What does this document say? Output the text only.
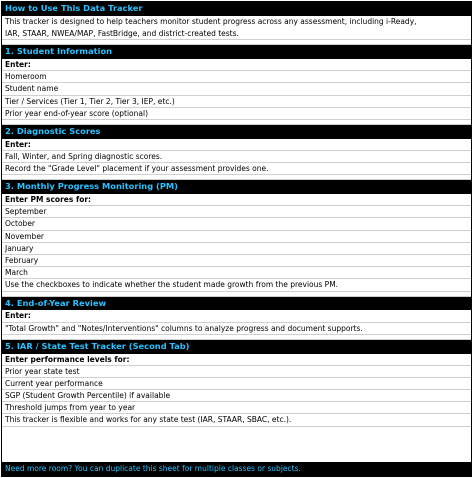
How to Use This Data Tracker
This tracker is designed to help teachers monitor student progress across any assessment, including i-Ready,
IAR, STAAR, NWEA/MAP, FastBridge, and district-created tests.
1. Student Information
Enter:
Homeroom
Student name
Tier / Services (Tier 1, Tier 2, Tier 3, IEP, etc.)
Prior year end-of-year score (optional)
2. Diagnostic Scores
Enter:
Fall, Winter, and Spring diagnostic scores.
Record the "Grade Level" placement if your assessment provides one.
3. Monthly Progress Monitoring (PM)
Enter PM scores for:
September
October
November
January
February
March
Use the checkboxes to indicate whether the student made growth from the previous PM.
4. End-of-Year Review
Enter:
"Total Growth" and "Notes/Interventions" columns to analyze progress and document supports.
5. IAR / State Test Tracker (Second Tab)
Enter performance levels for:
Prior year state test
Current year performance
SGP (Student Growth Percentile) if available
Threshold jumps from year to year
This tracker is flexible and works for any state test (IAR, STAAR, SBAC, etc.).
Need more room? You can duplicate this sheet for multiple classes or subjects.
